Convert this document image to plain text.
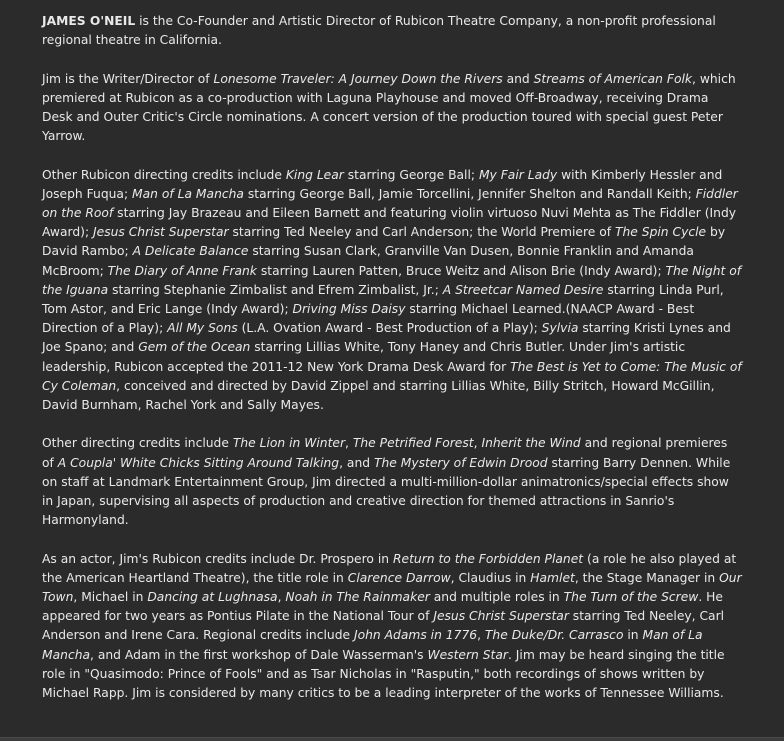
JAMES O'NEIL is the Co-Founder and Artistic Director of Rubicon Theatre Company, a non-profit professional regional theatre in California.

Jim is the Writer/Director of Lonesome Traveler: A Journey Down the Rivers and Streams of American Folk, which premiered at Rubicon as a co-production with Laguna Playhouse and moved Off-Broadway, receiving Drama Desk and Outer Critic's Circle nominations. A concert version of the production toured with special guest Peter Yarrow.

Other Rubicon directing credits include King Lear starring George Ball; My Fair Lady with Kimberly Hessler and Joseph Fuqua; Man of La Mancha starring George Ball, Jamie Torcellini, Jennifer Shelton and Randall Keith; Fiddler on the Roof starring Jay Brazeau and Eileen Barnett and featuring violin virtuoso Nuvi Mehta as The Fiddler (Indy Award); Jesus Christ Superstar starring Ted Neeley and Carl Anderson; the World Premiere of The Spin Cycle by David Rambo; A Delicate Balance starring Susan Clark, Granville Van Dusen, Bonnie Franklin and Amanda McBroom; The Diary of Anne Frank starring Lauren Patten, Bruce Weitz and Alison Brie (Indy Award); The Night of the Iguana starring Stephanie Zimbalist and Efrem Zimbalist, Jr.; A Streetcar Named Desire starring Linda Purl, Tom Astor, and Eric Lange (Indy Award); Driving Miss Daisy starring Michael Learned.(NAACP Award - Best Direction of a Play); All My Sons (L.A. Ovation Award - Best Production of a Play); Sylvia starring Kristi Lynes and Joe Spano; and Gem of the Ocean starring Lillias White, Tony Haney and Chris Butler. Under Jim's artistic leadership, Rubicon accepted the 2011-12 New York Drama Desk Award for The Best is Yet to Come: The Music of Cy Coleman, conceived and directed by David Zippel and starring Lillias White, Billy Stritch, Howard McGillin, David Burnham, Rachel York and Sally Mayes.

Other directing credits include The Lion in Winter, The Petrified Forest, Inherit the Wind and regional premieres of A Coupla' White Chicks Sitting Around Talking, and The Mystery of Edwin Drood starring Barry Dennen. While on staff at Landmark Entertainment Group, Jim directed a multi-million-dollar animatronics/special effects show in Japan, supervising all aspects of production and creative direction for themed attractions in Sanrio's Harmonyland.

As an actor, Jim's Rubicon credits include Dr. Prospero in Return to the Forbidden Planet (a role he also played at the American Heartland Theatre), the title role in Clarence Darrow, Claudius in Hamlet, the Stage Manager in Our Town, Michael in Dancing at Lughnasa, Noah in The Rainmaker and multiple roles in The Turn of the Screw. He appeared for two years as Pontius Pilate in the National Tour of Jesus Christ Superstar starring Ted Neeley, Carl Anderson and Irene Cara. Regional credits include John Adams in 1776, The Duke/Dr. Carrasco in Man of La Mancha, and Adam in the first workshop of Dale Wasserman's Western Star. Jim may be heard singing the title role in "Quasimodo: Prince of Fools" and as Tsar Nicholas in "Rasputin," both recordings of shows written by Michael Rapp. Jim is considered by many critics to be a leading interpreter of the works of Tennessee Williams.
